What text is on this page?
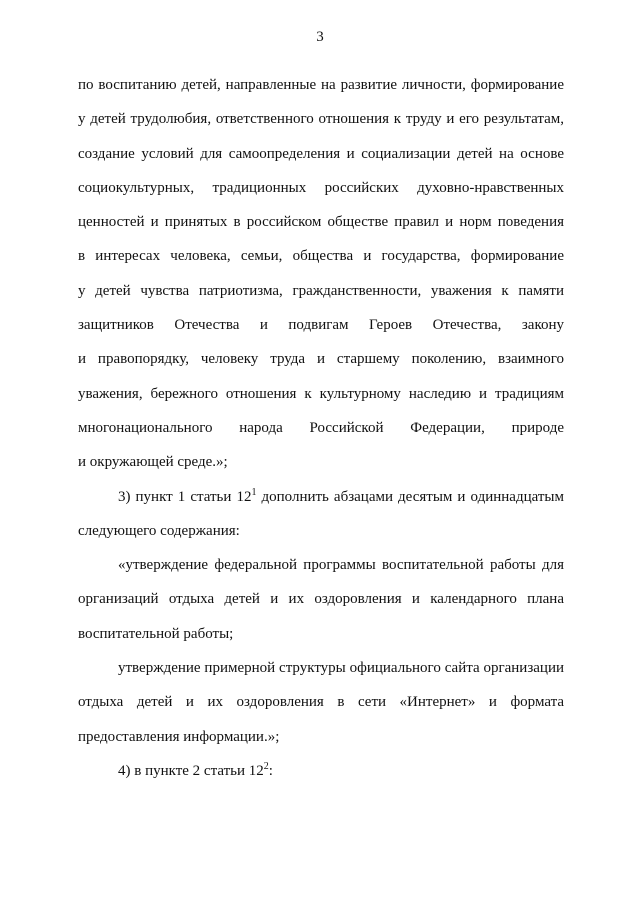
3
по воспитанию детей, направленные на развитие личности, формирование
у детей трудолюбия, ответственного отношения к труду и его результатам,
создание условий для самоопределения и социализации детей на основе
социокультурных, традиционных российских духовно-нравственных
ценностей и принятых в российском обществе правил и норм поведения
в интересах человека, семьи, общества и государства, формирование
у детей чувства патриотизма, гражданственности, уважения к памяти
защитников Отечества и подвигам Героев Отечества, закону
и правопорядку, человеку труда и старшему поколению, взаимного
уважения, бережного отношения к культурному наследию и традициям
многонационального народа Российской Федерации, природе
и окружающей среде.»;
3) пункт 1 статьи $12^1$ дополнить абзацами десятым и одиннадцатым
следующего содержания:
«утверждение федеральной программы воспитательной работы для
организаций отдыха детей и их оздоровления и календарного плана
воспитательной работы;
утверждение примерной структуры официального сайта организации
отдыха детей и их оздоровления в сети «Интернет» и формата
предоставления информации.»;
4) в пункте 2 статьи $12^2$:
